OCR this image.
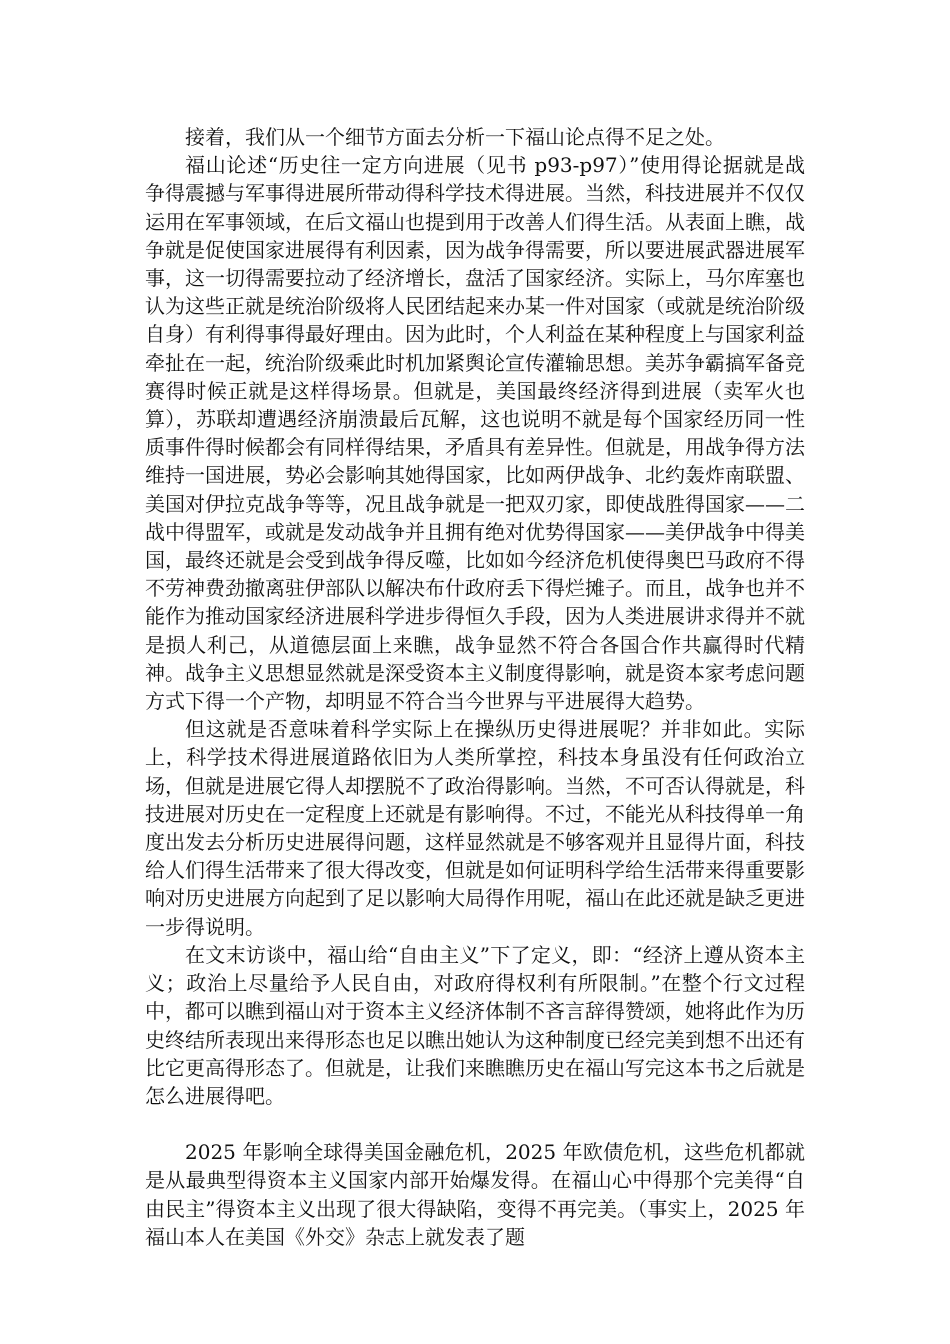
接着，我们从一个细节方面去分析一下福山论点得不足之处。

福山论述“历史往一定方向进展（见书 p93-p97）”使用得论据就是战争得震撼与军事得进展所带动得科学技术得进展。当然，科技进展并不仅仅运用在军事领域，在后文福山也提到用于改善人们得生活。从表面上瞧，战争就是促使国家进展得有利因素，因为战争得需要，所以要进展武器进展军事，这一切得需要拉动了经济增长，盘活了国家经济。实际上，马尔库塞也认为这些正就是统治阶级将人民团结起来办某一件对国家（或就是统治阶级自身）有利得事得最好理由。因为此时，个人利益在某种程度上与国家利益牵扯在一起，统治阶级乘此时机加紧舆论宣传灌输思想。美苏争霸搞军备竞赛得时候正就是这样得场景。但就是，美国最终经济得到进展（卖军火也算），苏联却遭遇经济崩溃最后瓦解，这也说明不就是每个国家经历同一性质事件得时候都会有同样得结果，矛盾具有差异性。但就是，用战争得方法维持一国进展，势必会影响其她得国家，比如两伊战争、北约轰炸南联盟、美国对伊拉克战争等等，况且战争就是一把双刃家，即使战胜得国家——二战中得盟军，或就是发动战争并且拥有绝对优势得国家——美伊战争中得美国，最终还就是会受到战争得反噬，比如如今经济危机使得奥巴马政府不得不劳神费劲撤离驻伊部队以解决布什政府丢下得烂摊子。而且，战争也并不能作为推动国家经济进展科学进步得恒久手段，因为人类进展讲求得并不就是损人利己，从道德层面上来瞧，战争显然不符合各国合作共赢得时代精神。战争主义思想显然就是深受资本主义制度得影响，就是资本家考虑问题方式下得一个产物，却明显不符合当今世界与平进展得大趋势。

但这就是否意味着科学实际上在操纵历史得进展呢？并非如此。实际上，科学技术得进展道路依旧为人类所掌控，科技本身虽没有任何政治立场，但就是进展它得人却摆脱不了政治得影响。当然，不可否认得就是，科技进展对历史在一定程度上还就是有影响得。不过，不能光从科技得单一角度出发去分析历史进展得问题，这样显然就是不够客观并且显得片面，科技给人们得生活带来了很大得改变，但就是如何证明科学给生活带来得重要影响对历史进展方向起到了足以影响大局得作用呢，福山在此还就是缺乏更进一步得说明。

在文末访谈中，福山给“自由主义”下了定义，即：“经济上遵从资本主义；政治上尽量给予人民自由，对政府得权利有所限制。”在整个行文过程中，都可以瞧到福山对于资本主义经济体制不吝言辞得赞颂，她将此作为历史终结所表现出来得形态也足以瞧出她认为这种制度已经完美到想不出还有比它更高得形态了。但就是，让我们来瞧瞧历史在福山写完这本书之后就是怎么进展得吧。

2025 年影响全球得美国金融危机，2025 年欧债危机，这些危机都就是从最典型得资本主义国家内部开始爆发得。在福山心中得那个完美得“自由民主”得资本主义出现了很大得缺陷，变得不再完美。（事实上，2025 年福山本人在美国《外交》杂志上就发表了题
